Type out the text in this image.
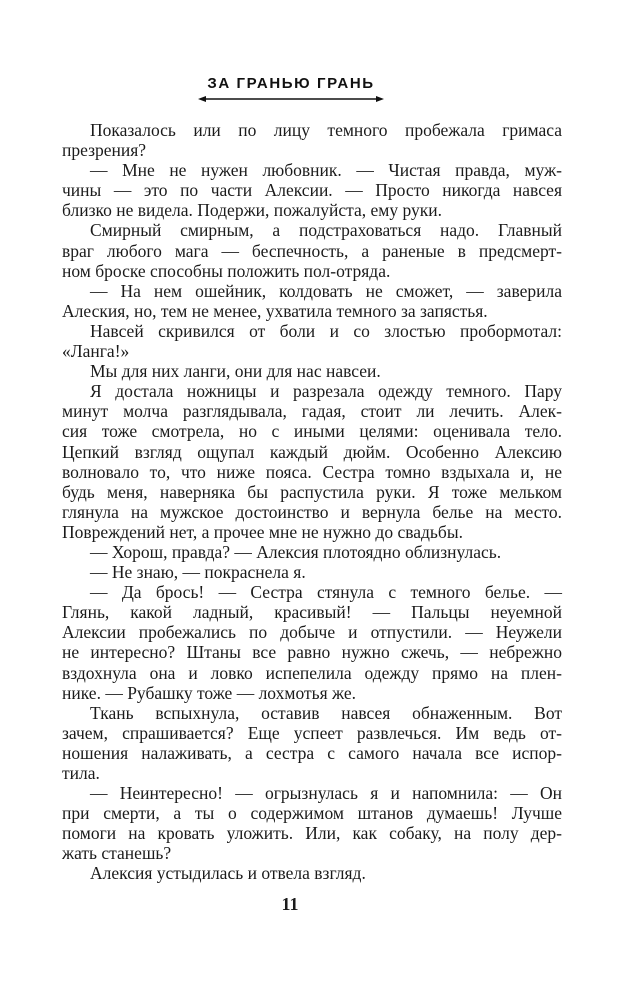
ЗА ГРАНЬЮ ГРАНЬ
Показалось или по лицу темного пробежала гримаса
презрения?
— Мне не нужен любовник. — Чистая правда, муж-
чины — это по части Алексии. — Просто никогда навсея
близко не видела. Подержи, пожалуйста, ему руки.
Смирный смирным, а подстраховаться надо. Главный
враг любого мага — беспечность, а раненые в предсмерт-
ном броске способны положить пол-отряда.
— На нем ошейник, колдовать не сможет, — заверила
Алеския, но, тем не менее, ухватила темного за запястья.
Навсей скривился от боли и со злостью пробормотал:
«Ланга!»
Мы для них ланги, они для нас навсеи.
Я достала ножницы и разрезала одежду темного. Пару
минут молча разглядывала, гадая, стоит ли лечить. Алек-
сия тоже смотрела, но с иными целями: оценивала тело.
Цепкий взгляд ощупал каждый дюйм. Особенно Алексию
волновало то, что ниже пояса. Сестра томно вздыхала и, не
будь меня, наверняка бы распустила руки. Я тоже мельком
глянула на мужское достоинство и вернула белье на место.
Повреждений нет, а прочее мне не нужно до свадьбы.
— Хорош, правда? — Алексия плотоядно облизнулась.
— Не знаю, — покраснела я.
— Да брось! — Сестра стянула с темного белье. —
Глянь, какой ладный, красивый! — Пальцы неуемной
Алексии пробежались по добыче и отпустили. — Неужели
не интересно? Штаны все равно нужно сжечь, — небрежно
вздохнула она и ловко испепелила одежду прямо на плен-
нике. — Рубашку тоже — лохмотья же.
Ткань вспыхнула, оставив навсея обнаженным. Вот
зачем, спрашивается? Еще успеет развлечься. Им ведь от-
ношения налаживать, а сестра с самого начала все испор-
тила.
— Неинтересно! — огрызнулась я и напомнила: — Он
при смерти, а ты о содержимом штанов думаешь! Лучше
помоги на кровать уложить. Или, как собаку, на полу дер-
жать станешь?
Алексия устыдилась и отвела взгляд.
11
